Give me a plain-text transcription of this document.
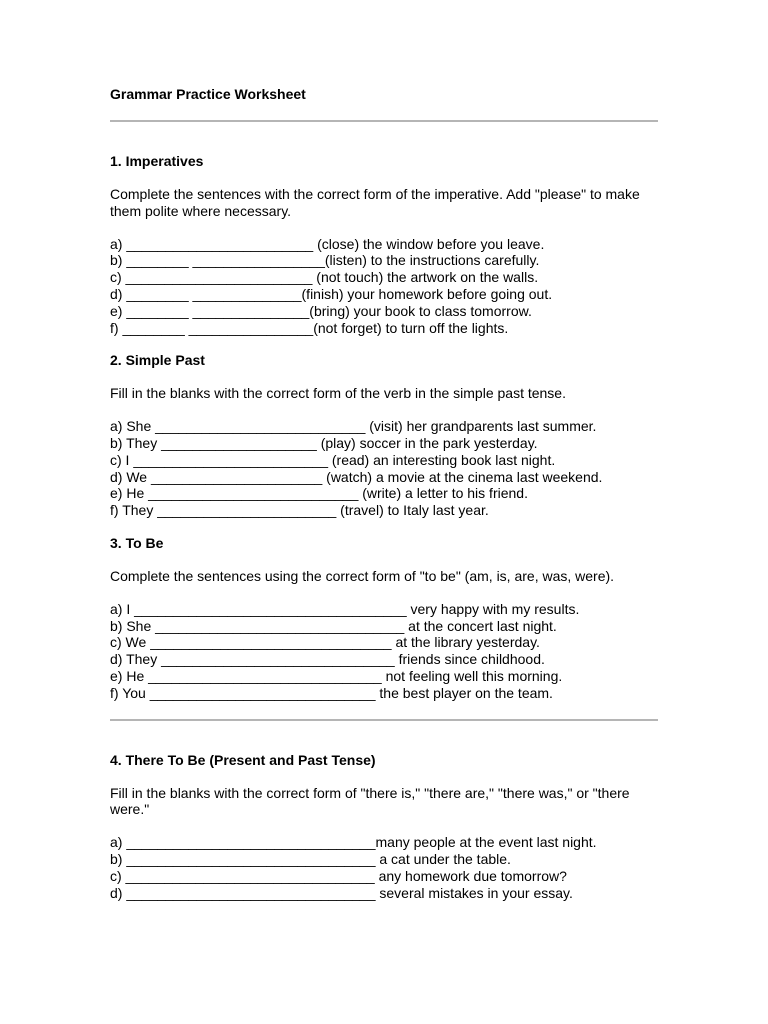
Grammar Practice Worksheet
1. Imperatives
Complete the sentences with the correct form of the imperative. Add "please" to make them polite where necessary.
a) ________________________ (close) the window before you leave.
b) ________ _________________(listen) to the instructions carefully.
c) ________________________ (not touch) the artwork on the walls.
d) ________ ______________(finish) your homework before going out.
e) ________ _______________(bring) your book to class tomorrow.
f) ________ ________________(not forget) to turn off the lights.
2. Simple Past
Fill in the blanks with the correct form of the verb in the simple past tense.
a) She ___________________________ (visit) her grandparents last summer.
b) They ____________________ (play) soccer in the park yesterday.
c) I _________________________ (read) an interesting book last night.
d) We ______________________ (watch) a movie at the cinema last weekend.
e) He ___________________________ (write) a letter to his friend.
f) They _______________________ (travel) to Italy last year.
3. To Be
Complete the sentences using the correct form of "to be" (am, is, are, was, were).
a) I ___________________________________ very happy with my results.
b) She ________________________________ at the concert last night.
c) We _______________________________ at the library yesterday.
d) They ______________________________ friends since childhood.
e) He ______________________________ not feeling well this morning.
f) You _____________________________ the best player on the team.
4. There To Be (Present and Past Tense)
Fill in the blanks with the correct form of "there is," "there are," "there was," or "there were."
a) ________________________________many people at the event last night.
b) ________________________________ a cat under the table.
c) ________________________________ any homework due tomorrow?
d) ________________________________ several mistakes in your essay.
